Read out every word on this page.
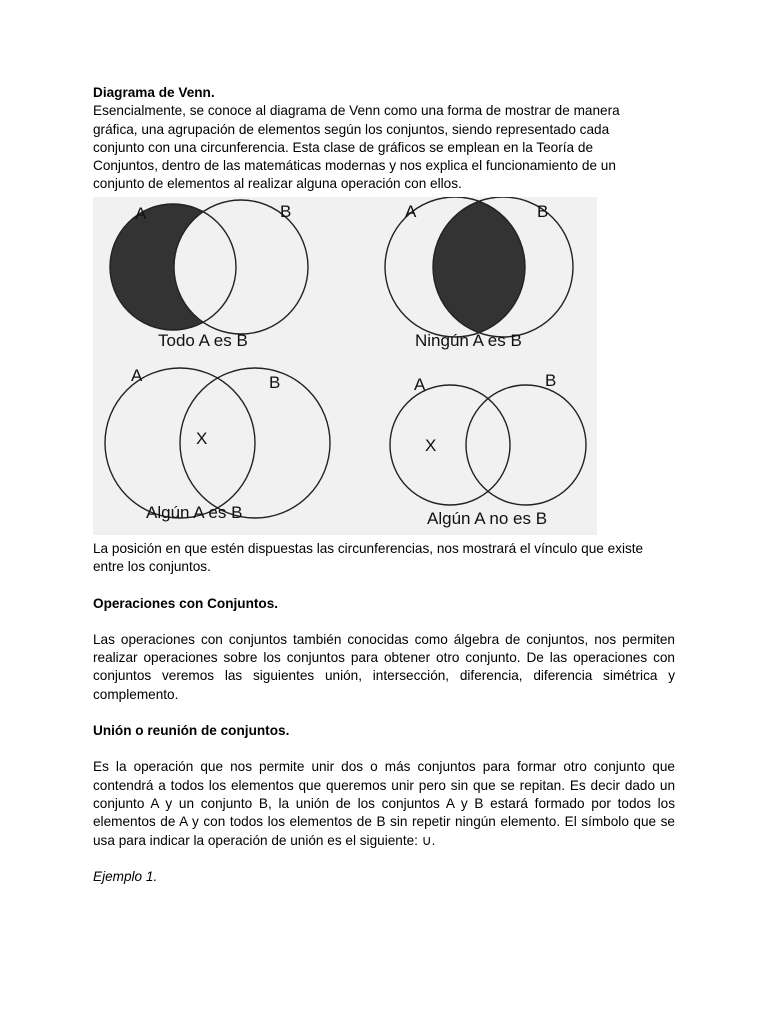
Diagrama de Venn.

Esencialmente, se conoce al diagrama de Venn como una forma de mostrar de manera gráfica, una agrupación de elementos según los conjuntos, siendo representado cada conjunto con una circunferencia. Esta clase de gráficos se emplean en la Teoría de Conjuntos, dentro de las matemáticas modernas y nos explica el funcionamiento de un conjunto de elementos al realizar alguna operación con ellos.

A	B
Todo A es B
A	B
Ningún A es B
A	B
X
Algún A es B
A	B
X
Algún A no es B

La posición en que estén dispuestas las circunferencias, nos mostrará el vínculo que existe entre los conjuntos.

Operaciones con Conjuntos.

Las operaciones con conjuntos también conocidas como álgebra de conjuntos, nos permiten realizar operaciones sobre los conjuntos para obtener otro conjunto. De las operaciones con conjuntos veremos las siguientes unión, intersección, diferencia, diferencia simétrica y complemento.

Unión o reunión de conjuntos.

Es la operación que nos permite unir dos o más conjuntos para formar otro conjunto que contendrá a todos los elementos que queremos unir pero sin que se repitan. Es decir dado un conjunto A y un conjunto B, la unión de los conjuntos A y B estará formado por todos los elementos de A y con todos los elementos de B sin repetir ningún elemento. El símbolo que se usa para indicar la operación de unión es el siguiente: ∪.

Ejemplo 1.
